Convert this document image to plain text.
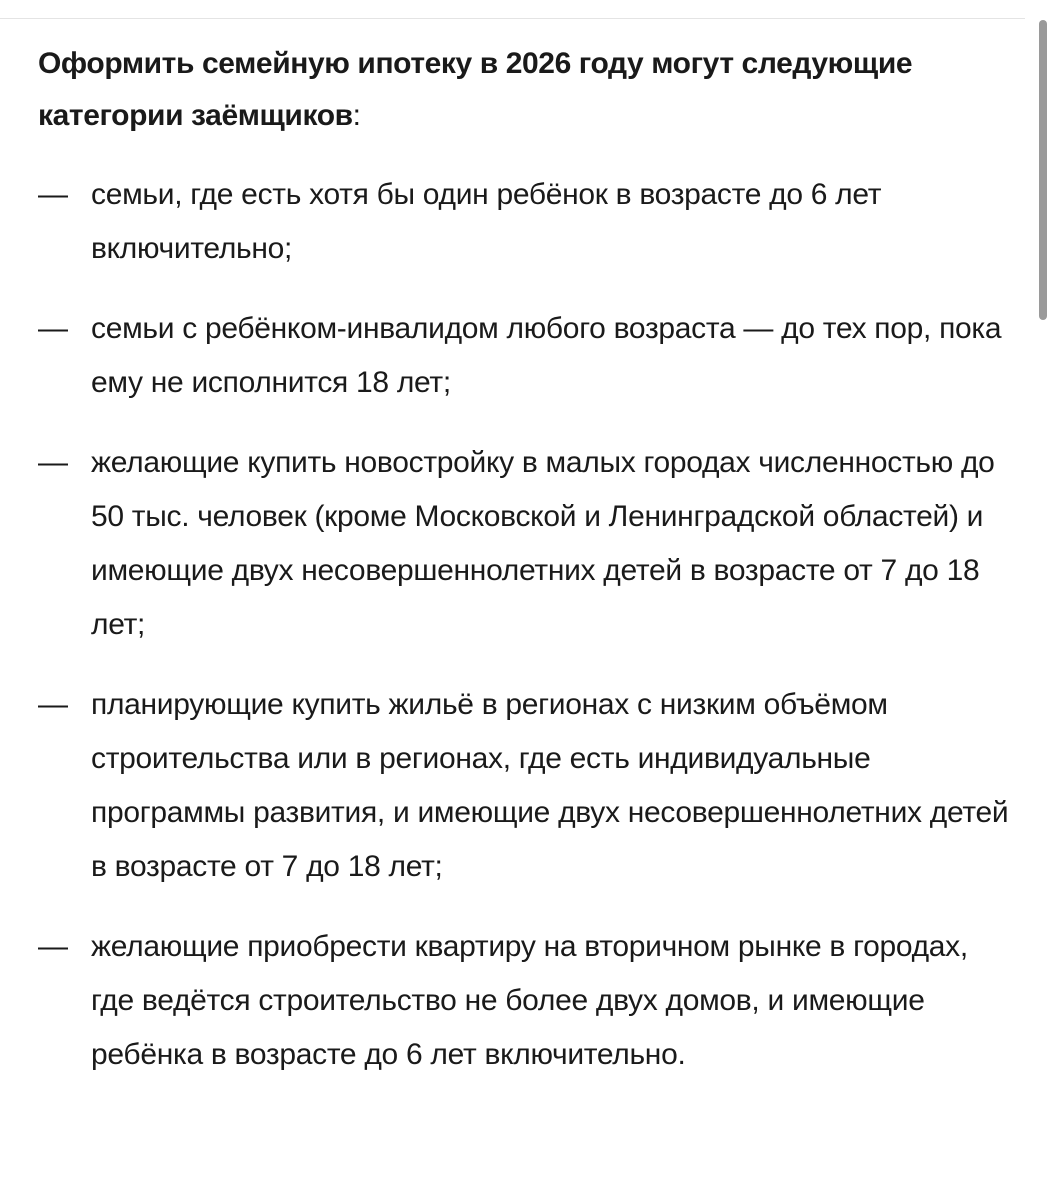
Оформить семейную ипотеку в 2026 году могут следующие категории заёмщиков:

— семьи, где есть хотя бы один ребёнок в возрасте до 6 лет включительно;
— семьи с ребёнком-инвалидом любого возраста — до тех пор, пока ему не исполнится 18 лет;
— желающие купить новостройку в малых городах численностью до 50 тыс. человек (кроме Московской и Ленинградской областей) и имеющие двух несовершеннолетних детей в возрасте от 7 до 18 лет;
— планирующие купить жильё в регионах с низким объёмом строительства или в регионах, где есть индивидуальные программы развития, и имеющие двух несовершеннолетних детей в возрасте от 7 до 18 лет;
— желающие приобрести квартиру на вторичном рынке в городах, где ведётся строительство не более двух домов, и имеющие ребёнка в возрасте до 6 лет включительно.
